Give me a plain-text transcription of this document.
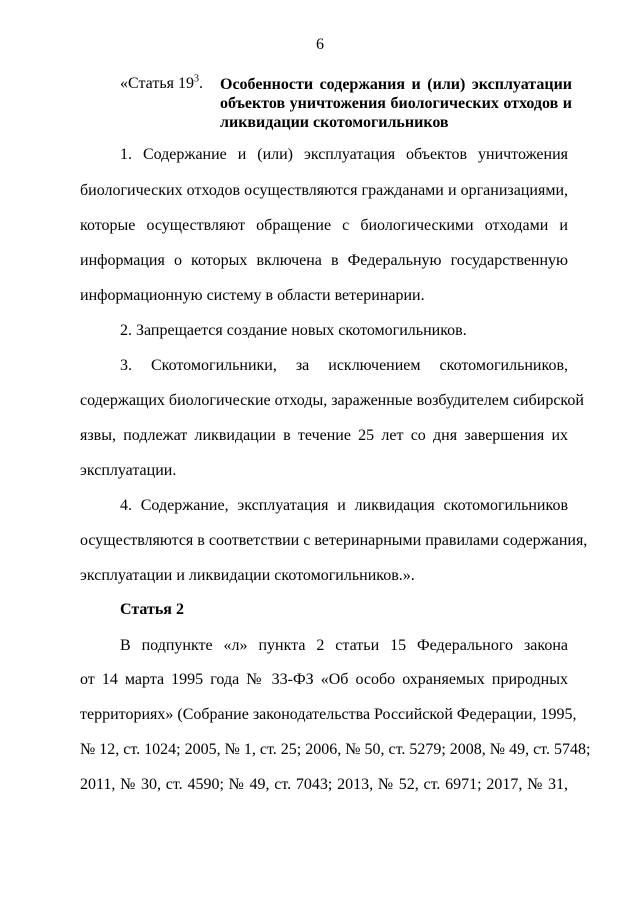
6
«Статья $19^3$. Особенности содержания и (или) эксплуатации объектов уничтожения биологических отходов и ликвидации скотомогильников
1. Содержание и (или) эксплуатация объектов уничтожения
биологических отходов осуществляются гражданами и организациями,
которые осуществляют обращение с биологическими отходами и
информация о которых включена в Федеральную государственную
информационную систему в области ветеринарии.
2. Запрещается создание новых скотомогильников.
3. Скотомогильники, за исключением скотомогильников,
содержащих биологические отходы, зараженные возбудителем сибирской
язвы, подлежат ликвидации в течение 25 лет со дня завершения их
эксплуатации.
4. Содержание, эксплуатация и ликвидация скотомогильников
осуществляются в соответствии с ветеринарными правилами содержания,
эксплуатации и ликвидации скотомогильников.».
Статья 2
В подпункте «л» пункта 2 статьи 15 Федерального закона
от 14 марта 1995 года № 33-ФЗ «Об особо охраняемых природных
территориях» (Собрание законодательства Российской Федерации, 1995,
№ 12, ст. 1024; 2005, № 1, ст. 25; 2006, № 50, ст. 5279; 2008, № 49, ст. 5748;
2011, № 30, ст. 4590; № 49, ст. 7043; 2013, № 52, ст. 6971; 2017, № 31,
